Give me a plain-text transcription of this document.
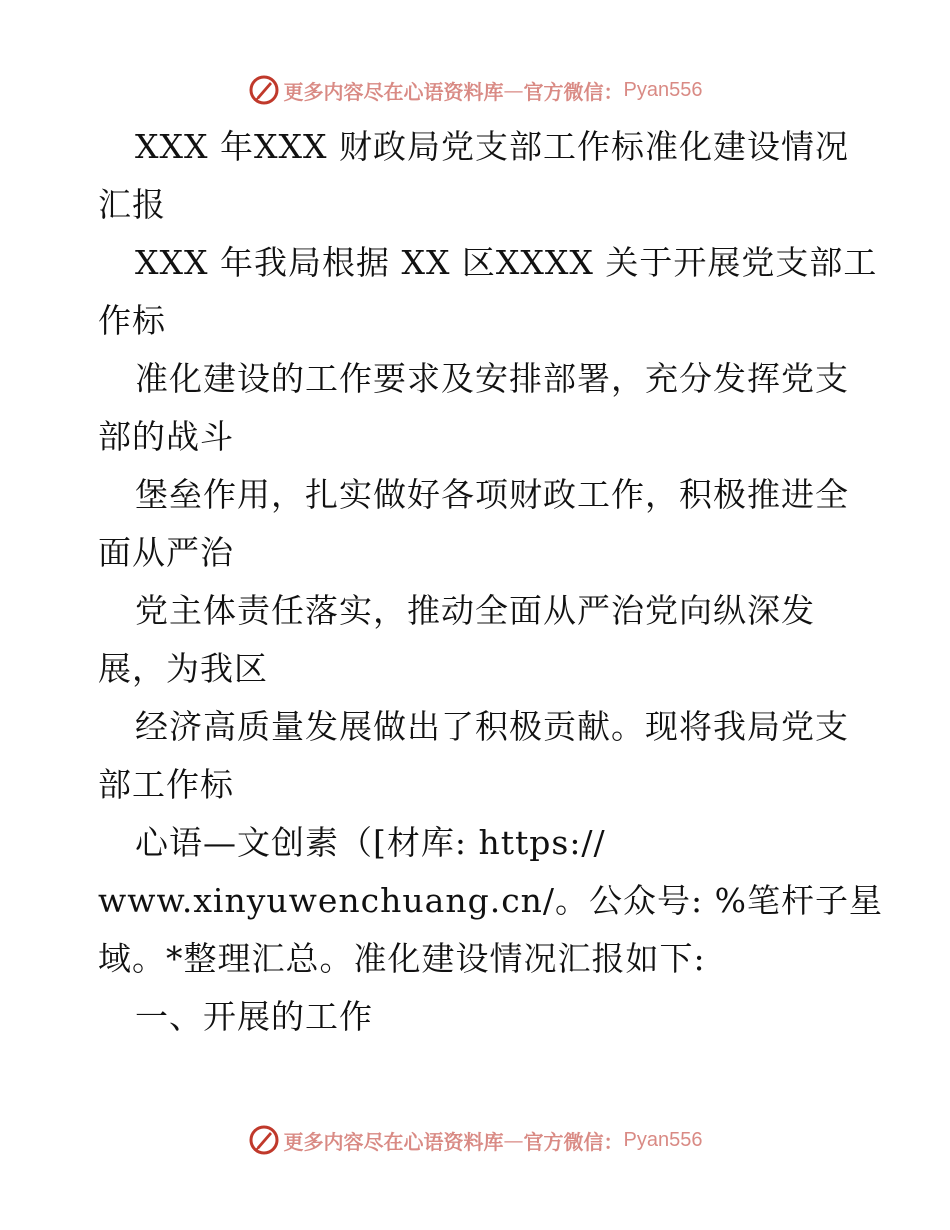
更多内容尽在心语资料库 — 官方微信： Pyan556
XXX 年XXX 财政局党支部工作标准化建设情况
汇报
XXX 年我局根据 XX 区XXXX 关于开展党支部工
作标
准化建设的工作要求及安排部署，充分发挥党支
部的战斗
堡垒作用，扎实做好各项财政工作，积极推进全
面从严治
党主体责任落实，推动全面从严治党向纵深发
展，为我区
经济高质量发展做出了积极贡献。现将我局党支
部工作标
心语—文创素（[材库: https://
www.xinyuwenchuang.cn/。公众号: %笔杆子星
域。*整理汇总。准化建设情况汇报如下:
一、开展的工作
更多内容尽在心语资料库 — 官方微信： Pyan556
